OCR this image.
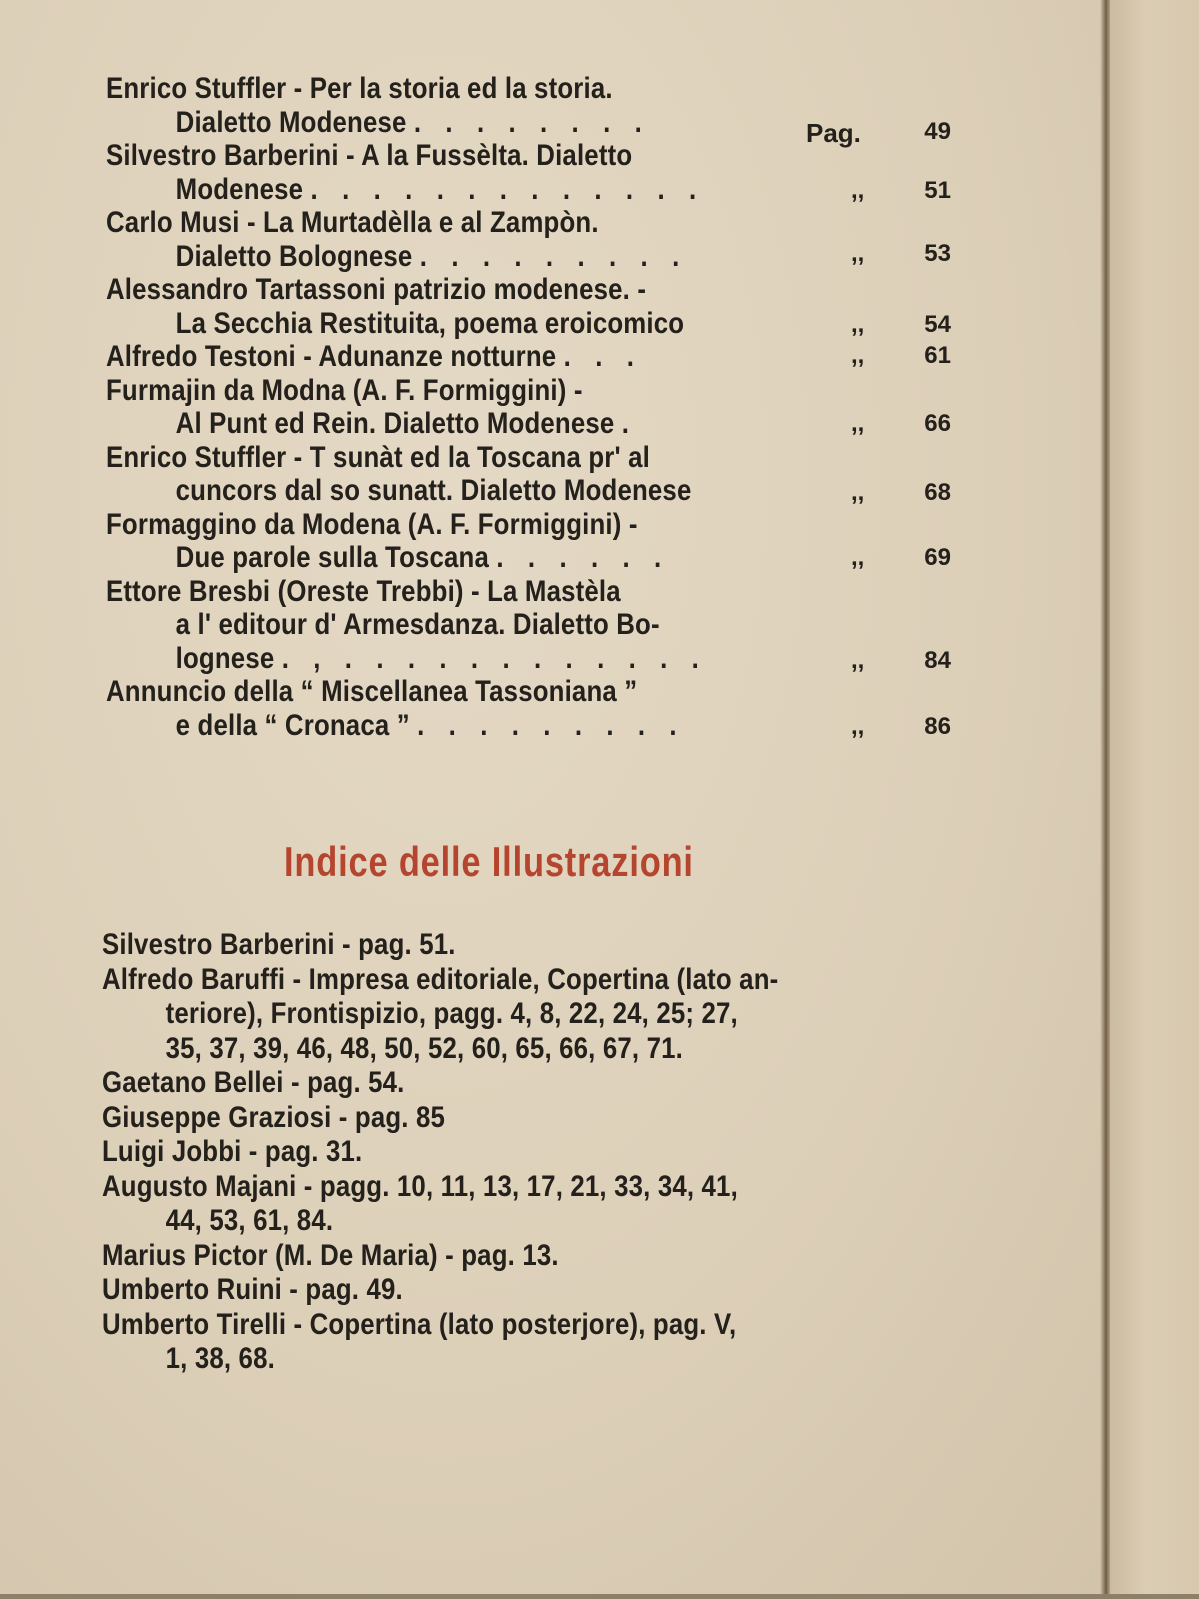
Enrico Stuffler - Per la storia ed la storia.
Dialetto Modenese . . . . . . . .	Pag.	49
Silvestro Barberini - A la Fussèlta. Dialetto
Modenese . . . . . . . . . . . . .	,, 51
Carlo Musi - La Murtadèlla e al Zampòn.
Dialetto Bolognese . . . . . . . . .	,, 53
Alessandro Tartassoni patrizio modenese. -
La Secchia Restituita, poema eroicomico	,, 54
Alfredo Testoni - Adunanze notturne . . .	,, 61
Furmajin da Modna (A. F. Formiggini) -
Al Punt ed Rein. Dialetto Modenese .	,, 66
Enrico Stuffler - T sunàt ed la Toscana pr' al
cuncors dal so sunatt. Dialetto Modenese	,, 68
Formaggino da Modena (A. F. Formiggini) -
Due parole sulla Toscana . . . . . .	,, 69
Ettore Bresbi (Oreste Trebbi) - La Mastèla
a l' editour d' Armesdanza. Dialetto Bo-
lognese . , . . . . . . . . . . . .	,, 84
Annuncio della “ Miscellanea Tassoniana ”
e della “ Cronaca ” . . . . . . . . .	,, 86
Indice delle Illustrazioni
Silvestro Barberini - pag. 51.
Alfredo Baruffi - Impresa editoriale, Copertina (lato an-
teriore), Frontispizio, pagg. 4, 8, 22, 24, 25; 27,
35, 37, 39, 46, 48, 50, 52, 60, 65, 66, 67, 71.
Gaetano Bellei - pag. 54.
Giuseppe Graziosi - pag. 85
Luigi Jobbi - pag. 31.
Augusto Majani - pagg. 10, 11, 13, 17, 21, 33, 34, 41,
44, 53, 61, 84.
Marius Pictor (M. De Maria) - pag. 13.
Umberto Ruini - pag. 49.
Umberto Tirelli - Copertina (lato posterjore), pag. V,
1, 38, 68.
